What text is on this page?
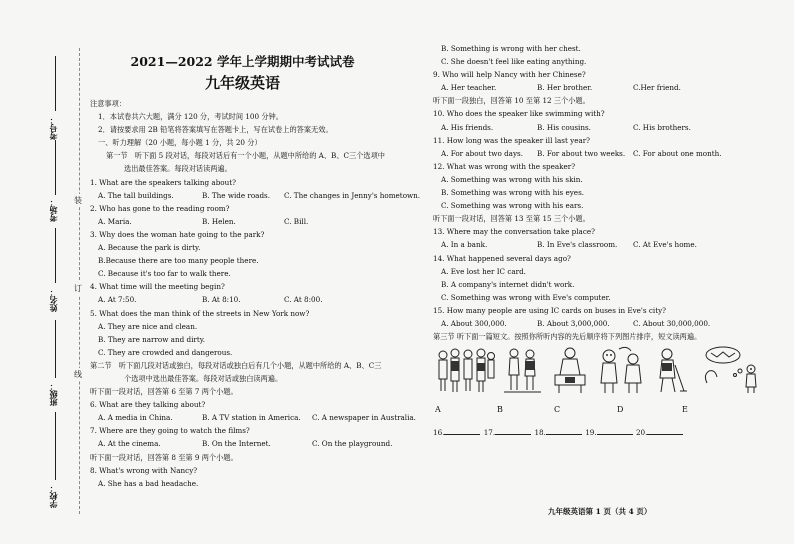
考号：
考场：
姓名：
班级：
学校：
装
订
线
2021—2022 学年上学期期中考试试卷
九年级英语
注意事项：
1．本试卷共六大题，满分 120 分，考试时间 100 分钟。
2．请按要求用 2B 铅笔将答案填写在答题卡上，写在试卷上的答案无效。
一、听力理解（20 小题，每小题 1 分，共 20 分）
第一节　听下面 5 段对话，每段对话后有一个小题，从题中所给的 A、B、C三个选项中
选出最佳答案。每段对话读两遍。
1. What are the speakers talking about?
A. The tall buildings.	B. The wide roads.	C. The changes in Jenny's hometown.
2. Who has gone to the reading room?
A. Maria.	B. Helen.	C. Bill.
3. Why does the woman hate going to the park?
A. Because the park is dirty.
B.Because there are too many people there.
C. Because it's too far to walk there.
4. What time will the meeting begin?
A. At 7:50.	B. At 8:10.	C. At 8:00.
5. What does the man think of the streets in New York now?
A. They are nice and clean.
B. They are narrow and dirty.
C. They are crowded and dangerous.
第二节　听下面几段对话或独白，每段对话或独白后有几个小题，从题中所给的 A、B、C三
个选项中选出最佳答案。每段对话或独白读两遍。
听下面一段对话，回答第 6 至第 7 两个小题。
6. What are they talking about?
A. A media in China.	B. A TV station in America.	C. A newspaper in Australia.
7. Where are they going to watch the films?
A. At the cinema.	B. On the Internet.	C. On the playground.
听下面一段对话，回答第 8 至第 9 两个小题。
8. What's wrong with Nancy?
A. She has a bad headache.
B. Something is wrong with her chest.
C. She doesn't feel like eating anything.
9. Who will help Nancy with her Chinese?
A. Her teacher.	B. Her brother.	C.Her friend.
听下面一段独白，回答第 10 至第 12 三个小题。
10. Who does the speaker like swimming with?
A. His friends.	B. His cousins.	C. His brothers.
11. How long was the speaker ill last year?
A. For about two days.	B. For about two weeks.	C. For about one month.
12. What was wrong with the speaker?
A. Something was wrong with his skin.
B. Something was wrong with his eyes.
C. Something was wrong with his ears.
听下面一段对话，回答第 13 至第 15 三个小题。
13. Where may the conversation take place?
A. In a bank.	B. In Eve's classroom.	C. At Eve's home.
14. What happened several days ago?
A. Eve lost her IC card.
B. A company's internet didn't work.
C. Something was wrong with Eve's computer.
15. How many people are using IC cards on buses in Eve's city?
A. About 300,000.	B. About 3,000,000.	C. About 30,000,000.
第三节 听下面一篇短文。按照你所听内容的先后顺序将下列图片排序，短文读两遍。
A	B	C	D	E
16.	17.	18.	19.	20.
九年级英语第 1 页（共 4 页）
